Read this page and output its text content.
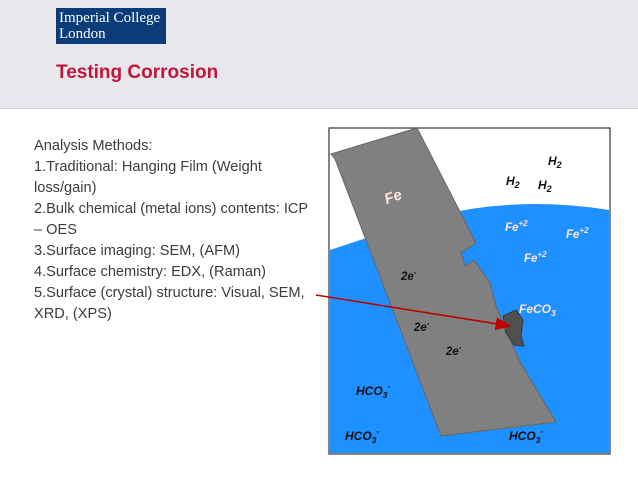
Imperial College
London
Testing Corrosion
Analysis Methods:
1.Traditional: Hanging Film (Weight loss/gain)
2.Bulk chemical (metal ions) contents: ICP – OES
3.Surface imaging: SEM, (AFM)
4.Surface chemistry: EDX, (Raman)
5.Surface (crystal) structure: Visual, SEM, XRD, (XPS)
Fe
$H_2$
$H_2$ $H_2$
$Fe^{+2}$
$Fe^{+2}$
$Fe^{+2}$
2e-
2e-
2e-
FeCO$_3$
$HCO_3^-$
$HCO_3^-$	$HCO_3^-$
